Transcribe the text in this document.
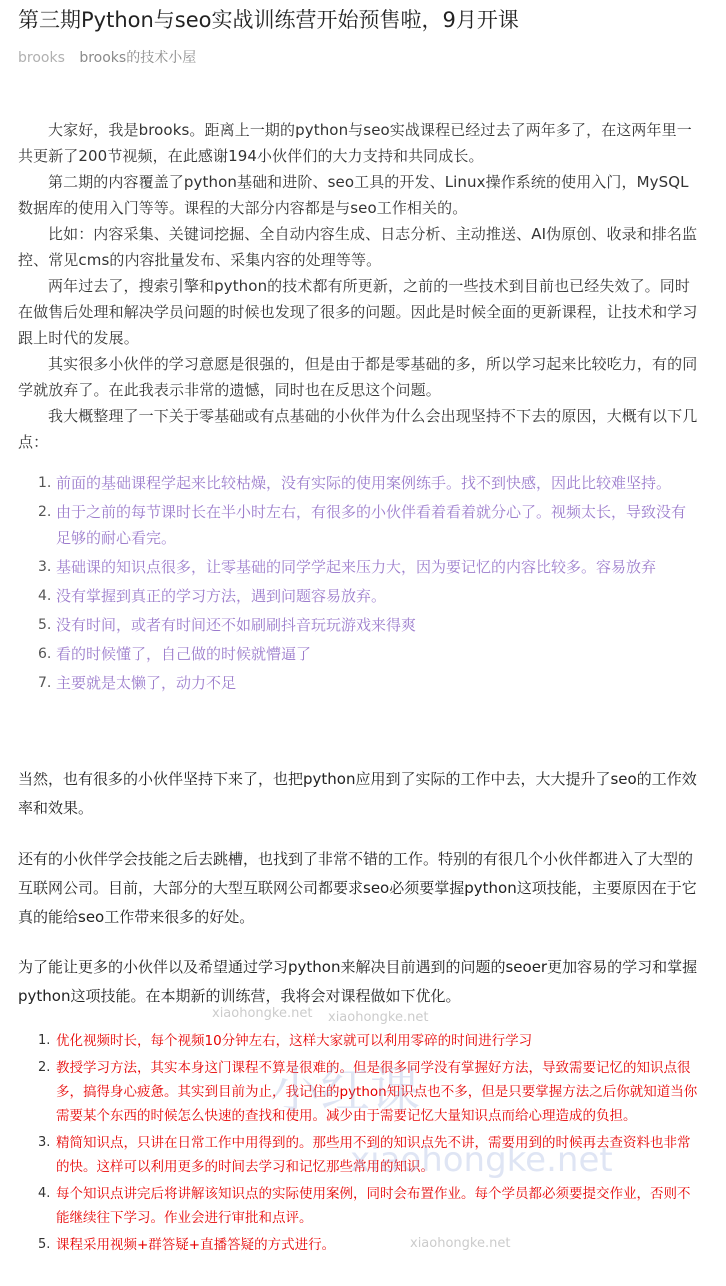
第三期Python与seo实战训练营开始预售啦，9月开课
brooks brooks的技术小屋

大家好，我是brooks。距离上一期的python与seo实战课程已经过去了两年多了，在这两年里一共更新了200节视频，在此感谢194小伙伴们的大力支持和共同成长。

第二期的内容覆盖了python基础和进阶、seo工具的开发、Linux操作系统的使用入门，MySQL数据库的使用入门等等。课程的大部分内容都是与seo工作相关的。

比如：内容采集、关键词挖掘、全自动内容生成、日志分析、主动推送、AI伪原创、收录和排名监控、常见cms的内容批量发布、采集内容的处理等等。

两年过去了，搜索引擎和python的技术都有所更新，之前的一些技术到目前也已经失效了。同时在做售后处理和解决学员问题的时候也发现了很多的问题。因此是时候全面的更新课程，让技术和学习跟上时代的发展。

其实很多小伙伴的学习意愿是很强的，但是由于都是零基础的多，所以学习起来比较吃力，有的同学就放弃了。在此我表示非常的遗憾，同时也在反思这个问题。

我大概整理了一下关于零基础或有点基础的小伙伴为什么会出现坚持不下去的原因，大概有以下几点：

1. 前面的基础课程学起来比较枯燥，没有实际的使用案例练手。找不到快感，因此比较难坚持。
2. 由于之前的每节课时长在半小时左右，有很多的小伙伴看着看着就分心了。视频太长，导致没有足够的耐心看完。
3. 基础课的知识点很多，让零基础的同学学起来压力大，因为要记忆的内容比较多。容易放弃
4. 没有掌握到真正的学习方法，遇到问题容易放弃。
5. 没有时间，或者有时间还不如刷刷抖音玩玩游戏来得爽
6. 看的时候懂了，自己做的时候就懵逼了
7. 主要就是太懒了，动力不足

当然，也有很多的小伙伴坚持下来了，也把python应用到了实际的工作中去，大大提升了seo的工作效率和效果。

还有的小伙伴学会技能之后去跳槽，也找到了非常不错的工作。特别的有很几个小伙伴都进入了大型的互联网公司。目前，大部分的大型互联网公司都要求seo必须要掌握python这项技能，主要原因在于它真的能给seo工作带来很多的好处。

为了能让更多的小伙伴以及希望通过学习python来解决目前遇到的问题的seoer更加容易的学习和掌握python这项技能。在本期新的训练营，我将会对课程做如下优化。

1. 优化视频时长，每个视频10分钟左右，这样大家就可以利用零碎的时间进行学习
2. 教授学习方法，其实本身这门课程不算是很难的。但是很多同学没有掌握好方法，导致需要记忆的知识点很多，搞得身心疲惫。其实到目前为止，我记住的python知识点也不多，但是只要掌握方法之后你就知道当你需要某个东西的时候怎么快速的查找和使用。减少由于需要记忆大量知识点而给心理造成的负担。
3. 精简知识点，只讲在日常工作中用得到的。那些用不到的知识点先不讲，需要用到的时候再去查资料也非常的快。这样可以利用更多的时间去学习和记忆那些常用的知识。
4. 每个知识点讲完后将讲解该知识点的实际使用案例，同时会布置作业。每个学员都必须要提交作业，否则不能继续往下学习。作业会进行审批和点评。
5. 课程采用视频+群答疑+直播答疑的方式进行。
xiaohongke.net xiaohongke.net
xiaohongke.net
小红课
xiaohongke.net
